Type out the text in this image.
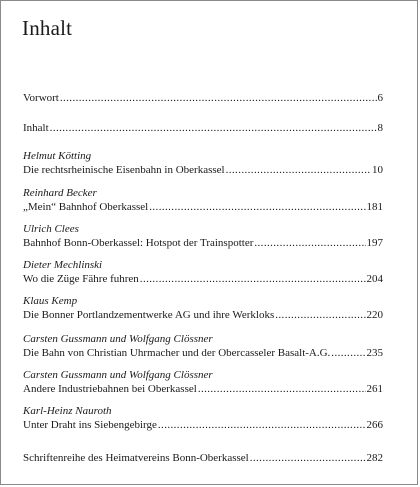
Inhalt
Vorwort .....	6
Inhalt .....	8
Helmut Kötting
Die rechtsrheinische Eisenbahn in Oberkassel .....	10
Reinhard Becker
„Mein“ Bahnhof Oberkassel .....	181
Ulrich Clees
Bahnhof Bonn-Oberkassel: Hotspot der Trainspotter .....	197
Dieter Mechlinski
Wo die Züge Fähre fuhren .....	204
Klaus Kemp
Die Bonner Portlandzementwerke AG und ihre Werkloks .....	220
Carsten Gussmann und Wolfgang Clössner
Die Bahn von Christian Uhrmacher und der Obercasseler Basalt-A.G. .....	235
Carsten Gussmann und Wolfgang Clössner
Andere Industriebahnen bei Oberkassel .....	261
Karl-Heinz Nauroth
Unter Draht ins Siebengebirge .....	266
Schriftenreihe des Heimatvereins Bonn-Oberkassel .....	282
